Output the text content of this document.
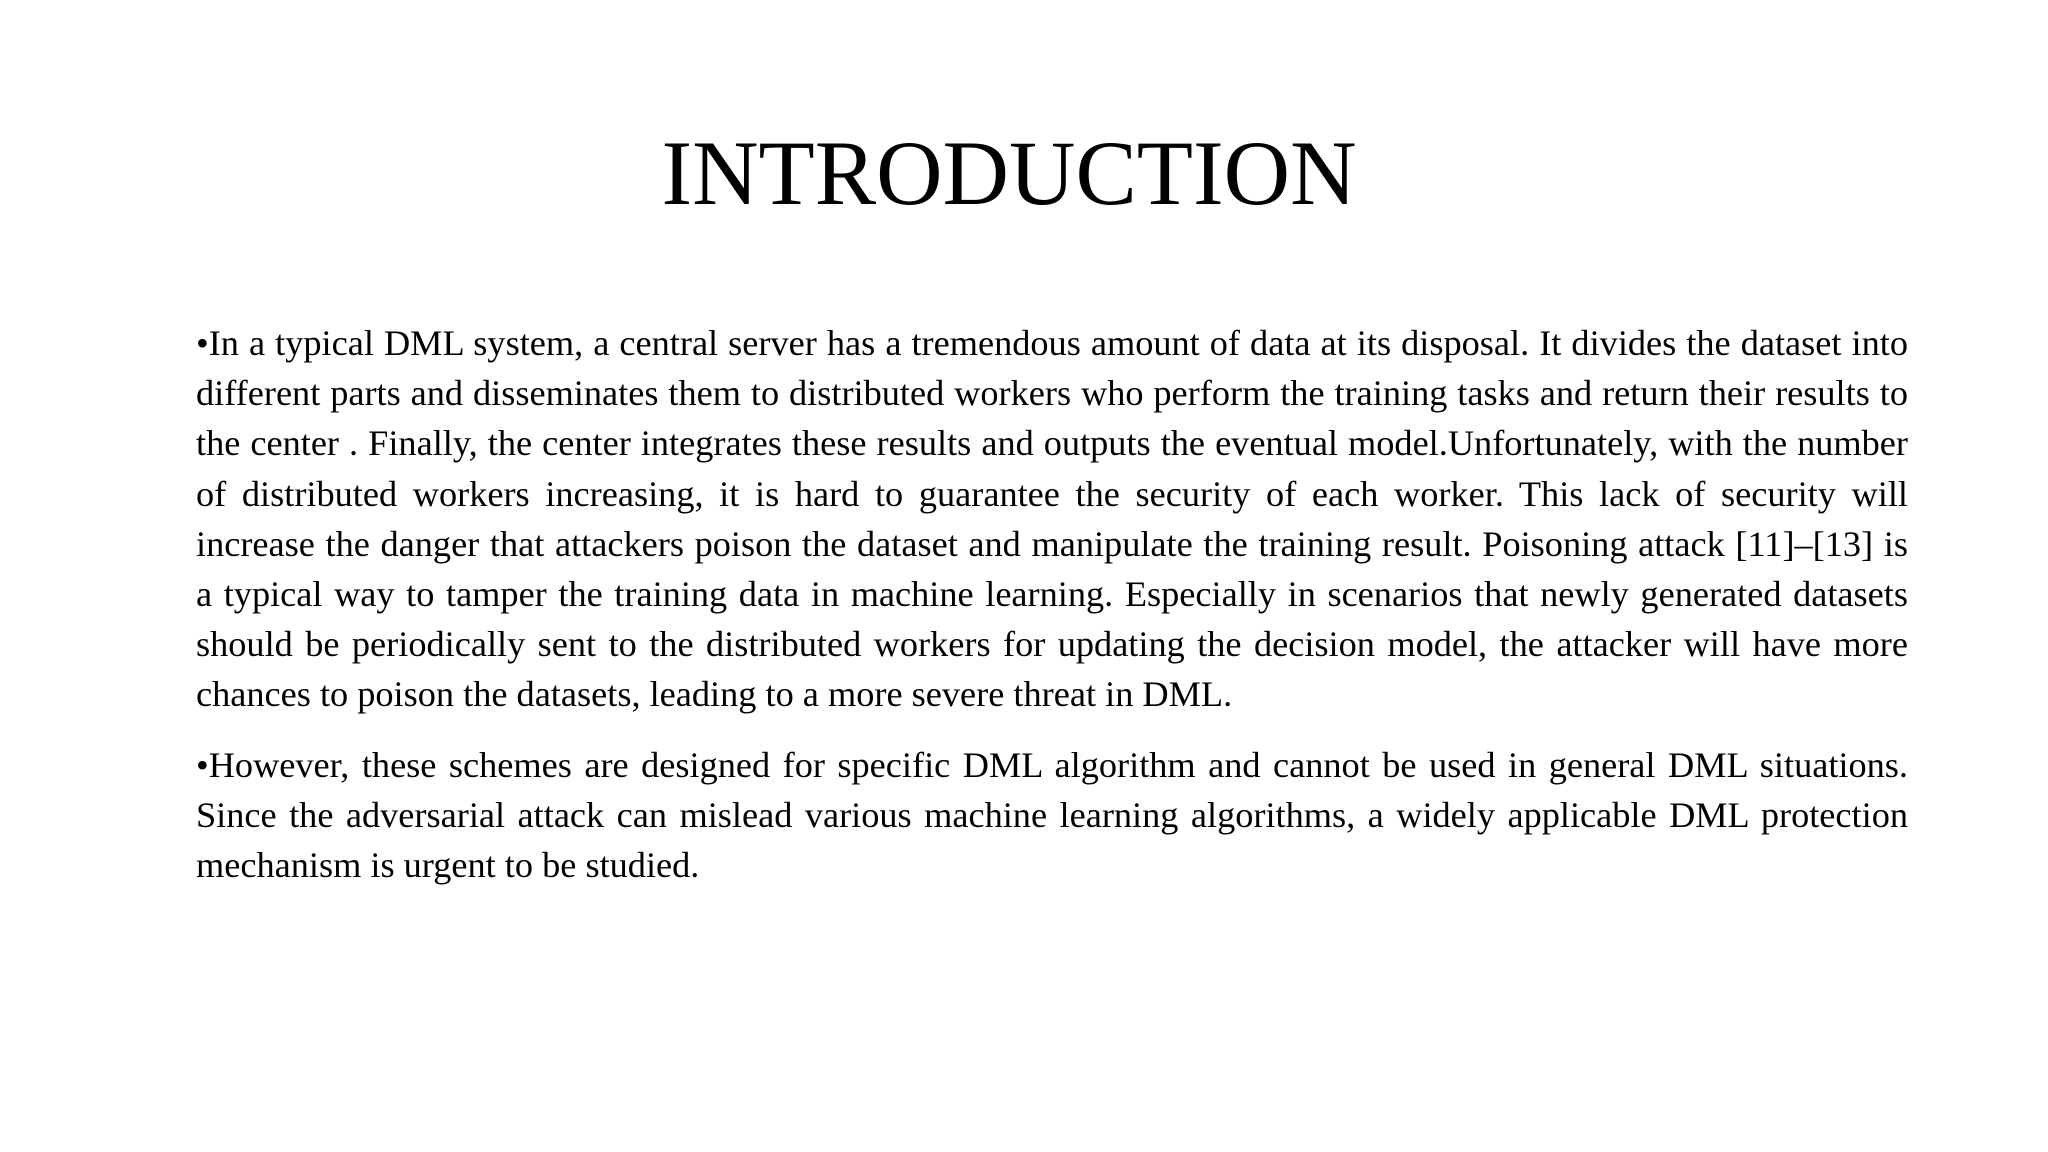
INTRODUCTION

•In a typical DML system, a central server has a tremendous amount of data at its disposal. It divides the dataset into different parts and disseminates them to distributed workers who perform the training tasks and return their results to the center . Finally, the center integrates these results and outputs the eventual model.Unfortunately, with the number of distributed workers increasing, it is hard to guarantee the security of each worker. This lack of security will increase the danger that attackers poison the dataset and manipulate the training result. Poisoning attack [11]–[13] is a typical way to tamper the training data in machine learning. Especially in scenarios that newly generated datasets should be periodically sent to the distributed workers for updating the decision model, the attacker will have more chances to poison the datasets, leading to a more severe threat in DML.

•However, these schemes are designed for specific DML algorithm and cannot be used in general DML situations. Since the adversarial attack can mislead various machine learning algorithms, a widely applicable DML protection mechanism is urgent to be studied.
